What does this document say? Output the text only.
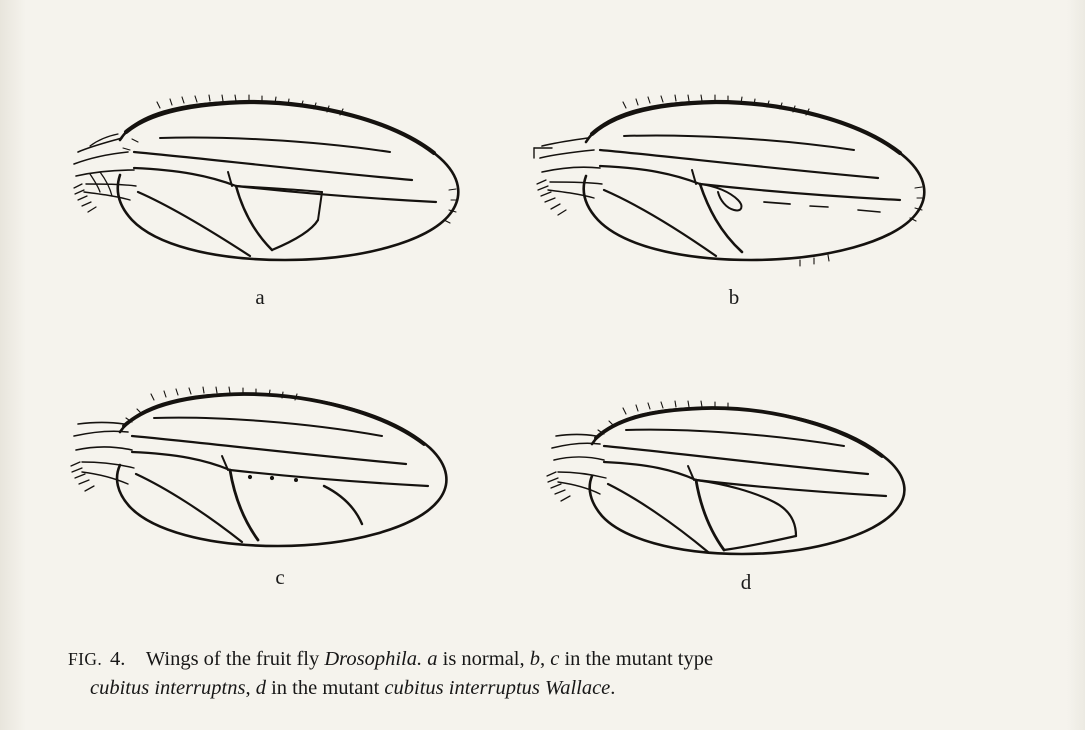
a	b
c	d
FIG. 4. Wings of the fruit fly Drosophila. a is normal, b, c in the mutant type
cubitus interruptns, d in the mutant cubitus interruptus Wallace.
